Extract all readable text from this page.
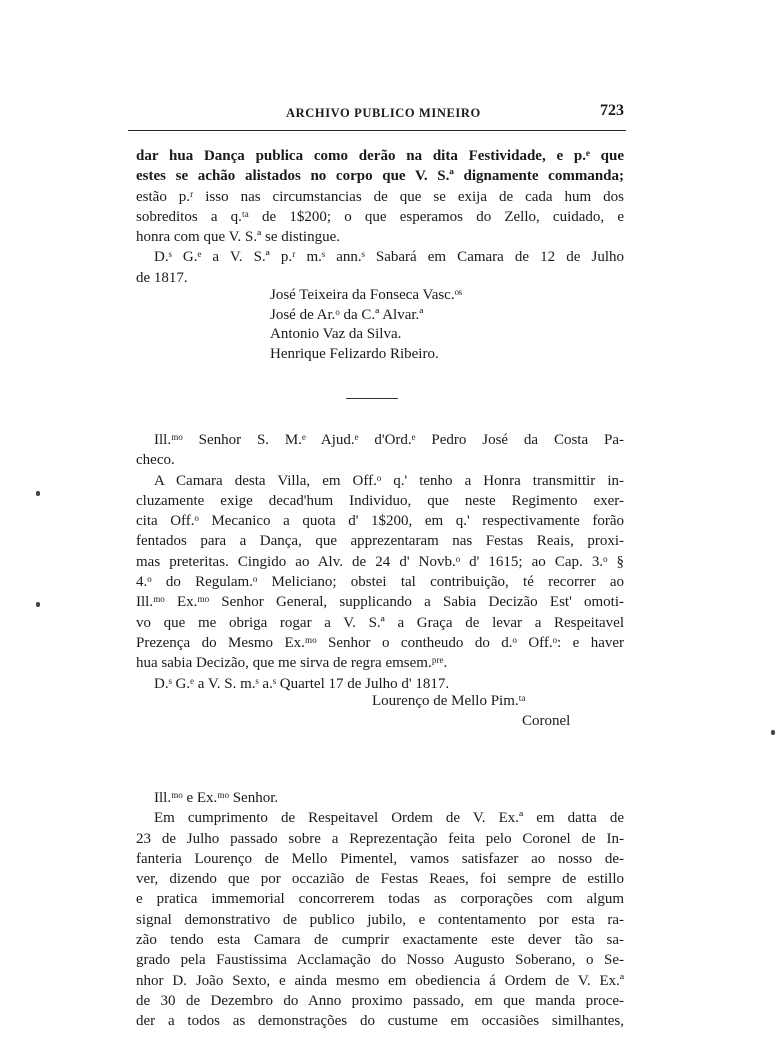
ARCHIVO PUBLICO MINEIRO	723
dar hua Dança publica como derão na dita Festividade, e p.ᵉ que
estes se achão alistados no corpo que V. S.ª dignamente commanda;
estão p.ʳ isso nas circumstancias de que se exija de cada hum dos
sobreditos a q.ᵗᵃ de 1$200; o que esperamos do Zello, cuidado, e
honra com que V. S.ª se distingue.
D.ˢ G.ᵉ a V. S.ª p.ʳ m.ˢ ann.ˢ Sabará em Camara de 12 de Julho
de 1817.
José Teixeira da Fonseca Vasc.ᵒˢ
José de Ar.ᵒ da C.ª Alvar.ª
Antonio Vaz da Silva.
Henrique Felizardo Ribeiro.
Ill.ᵐᵒ Senhor S. M.ᵉ Ajud.ᵉ d'Ord.ᵉ Pedro José da Costa Pa-
checo.
A Camara desta Villa, em Off.ᵒ q.' tenho a Honra transmittir in-
cluzamente exige decad'hum Individuo, que neste Regimento exer-
cita Off.ᵒ Mecanico a quota d' 1$200, em q.' respectivamente forão
fentados para a Dança, que apprezentaram nas Festas Reais, proxi-
mas preteritas. Cingido ao Alv. de 24 d' Novb.ᵒ d' 1615; ao Cap. 3.ᵒ §
4.ᵒ do Regulam.ᵒ Meliciano; obstei tal contribuição, té recorrer ao
Ill.ᵐᵒ Ex.ᵐᵒ Senhor General, supplicando a Sabia Decizão Est' omoti-
vo que me obriga rogar a V. S.ª a Graça de levar a Respeitavel
Prezença do Mesmo Ex.ᵐᵒ Senhor o contheudo do d.ᵒ Off.ᵒ: e haver
hua sabia Decizão, que me sirva de regra emsem.ᵖʳᵉ.
D.ˢ G.ᵉ a V. S. m.ˢ a.ˢ Quartel 17 de Julho d' 1817.
Lourenço de Mello Pim.ᵗᵃ
Coronel
Ill.ᵐᵒ e Ex.ᵐᵒ Senhor.
Em cumprimento de Respeitavel Ordem de V. Ex.ª em datta de
23 de Julho passado sobre a Reprezentação feita pelo Coronel de In-
fanteria Lourenço de Mello Pimentel, vamos satisfazer ao nosso de-
ver, dizendo que por occazião de Festas Reaes, foi sempre de estillo
e pratica immemorial concorrerem todas as corporações com algum
signal demonstrativo de publico jubilo, e contentamento por esta ra-
zão tendo esta Camara de cumprir exactamente este dever tão sa-
grado pela Faustissima Acclamação do Nosso Augusto Soberano, o Se-
nhor D. João Sexto, e ainda mesmo em obediencia á Ordem de V. Ex.ª
de 30 de Dezembro do Anno proximo passado, em que manda proce-
der a todos as demonstrações do custume em occasiões similhantes,
